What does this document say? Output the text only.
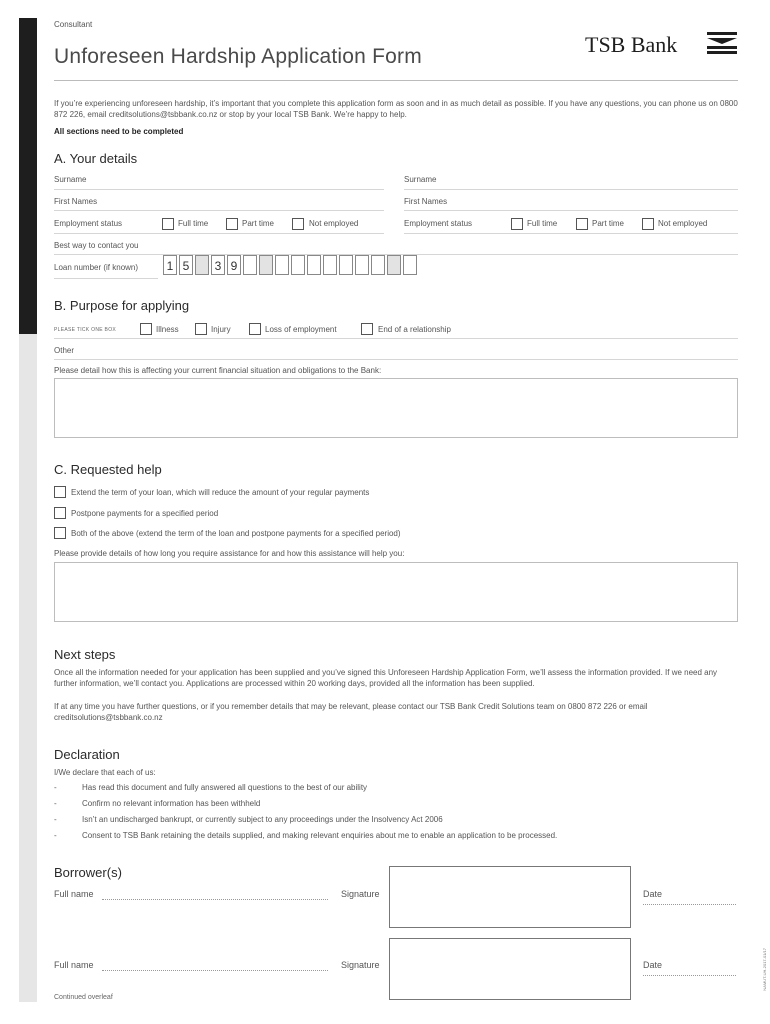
Consultant
Unforeseen Hardship Application Form	TSB Bank
If you’re experiencing unforeseen hardship, it’s important that you complete this application form as soon and in as much detail as possible. If you have any questions, you can phone us on 0800 872 226, email creditsolutions@tsbbank.co.nz or stop by your local TSB Bank. We’re happy to help.
All sections need to be completed
A. Your details
Surname	Surname
First Names	First Names
Employment status	Full time	Part time	Not employed	Employment status	Full time	Part time	Not employed
Best way to contact you
Loan number (if known)	1 5	3 9
B. Purpose for applying
PLEASE TICK ONE BOX	Illness	Injury	Loss of employment	End of a relationship
Other
Please detail how this is affecting your current financial situation and obligations to the Bank:
C. Requested help
Extend the term of your loan, which will reduce the amount of your regular payments
Postpone payments for a specified period
Both of the above (extend the term of the loan and postpone payments for a specified period)
Please provide details of how long you require assistance for and how this assistance will help you:
Next steps
Once all the information needed for your application has been supplied and you’ve signed this Unforeseen Hardship Application Form, we’ll assess the information provided. If we need any further information, we’ll contact you. Applications are processed within 20 working days, provided all the information has been supplied.
If at any time you have further questions, or if you remember details that may be relevant, please contact our TSB Bank Credit Solutions team on 0800 872 226 or email creditsolutions@tsbbank.co.nz
Declaration
I/We declare that each of us:
-	Has read this document and fully answered all questions to the best of our ability
-	Confirm no relevant information has been withheld
-	Isn’t an undischarged bankrupt, or currently subject to any proceedings under the Insolvency Act 2006
-	Consent to TSB Bank retaining the details supplied, and making relevant enquiries about me to enable an application to be processed.
Borrower(s)
Full name	Signature	Date
Full name	Signature	Date
Continued overleaf
NAMUT-UH-2017-01/17
